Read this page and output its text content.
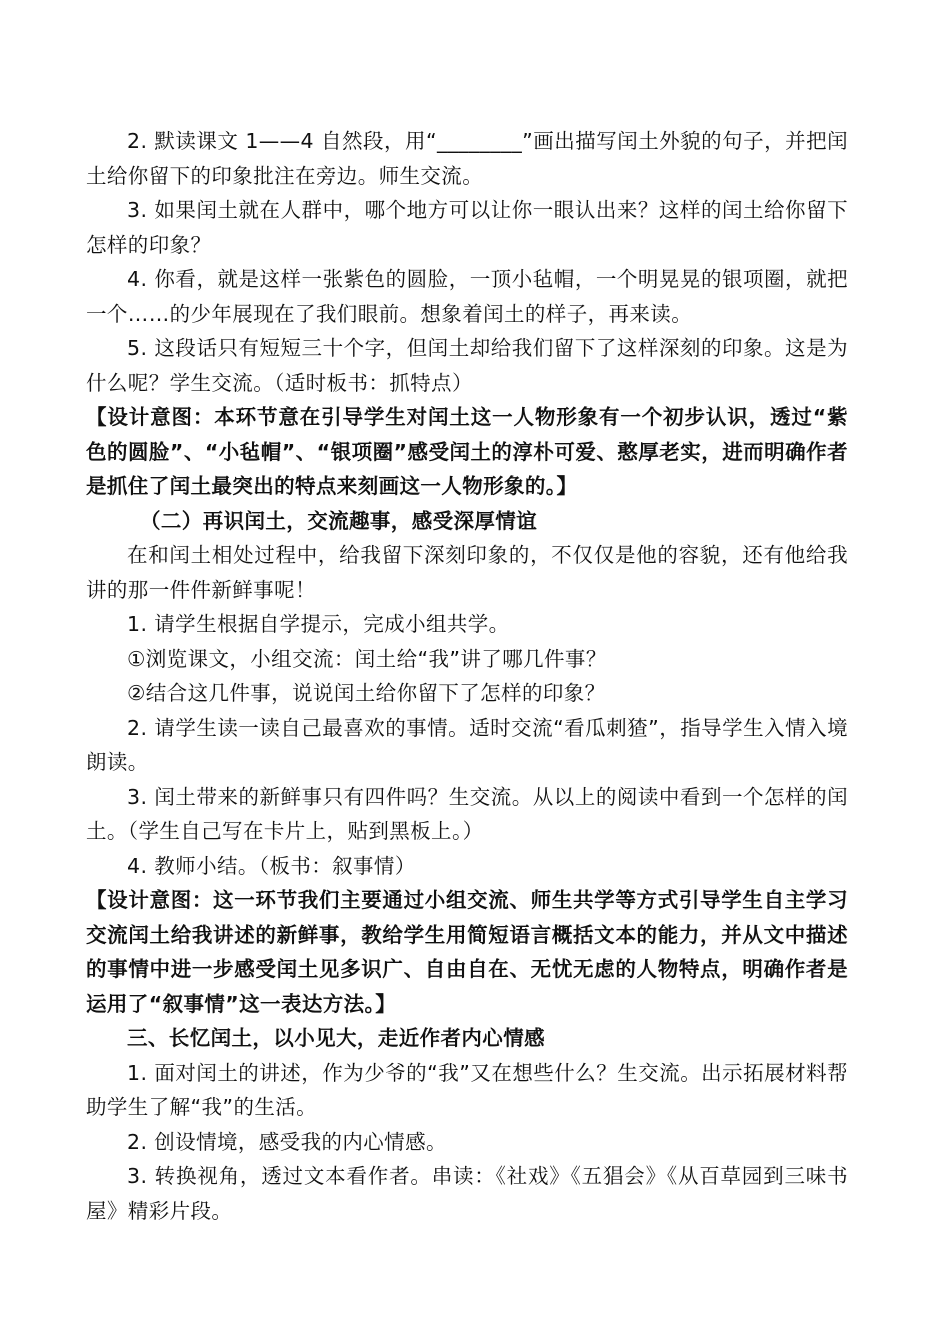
2. 默读课文 1——4 自然段，用“________”画出描写闰土外貌的句子，并把闰土给你留下的印象批注在旁边。师生交流。

3. 如果闰土就在人群中，哪个地方可以让你一眼认出来？这样的闰土给你留下怎样的印象？

4. 你看，就是这样一张紫色的圆脸，一顶小毡帽，一个明晃晃的银项圈，就把一个……的少年展现在了我们眼前。想象着闰土的样子，再来读。

5. 这段话只有短短三十个字，但闰土却给我们留下了这样深刻的印象。这是为什么呢？学生交流。（适时板书：抓特点）

【设计意图：本环节意在引导学生对闰土这一人物形象有一个初步认识，透过“紫色的圆脸”、“小毡帽”、“银项圈”感受闰土的淳朴可爱、憨厚老实，进而明确作者是抓住了闰土最突出的特点来刻画这一人物形象的。】

（二）再识闰土，交流趣事，感受深厚情谊

在和闰土相处过程中，给我留下深刻印象的，不仅仅是他的容貌，还有他给我讲的那一件件新鲜事呢！

1. 请学生根据自学提示，完成小组共学。

①浏览课文，小组交流：闰土给“我”讲了哪几件事？

②结合这几件事，说说闰土给你留下了怎样的印象？

2. 请学生读一读自己最喜欢的事情。适时交流“看瓜刺猹”，指导学生入情入境朗读。

3. 闰土带来的新鲜事只有四件吗？生交流。从以上的阅读中看到一个怎样的闰土。（学生自己写在卡片上，贴到黑板上。）

4. 教师小结。（板书：叙事情）

【设计意图：这一环节我们主要通过小组交流、师生共学等方式引导学生自主学习交流闰土给我讲述的新鲜事，教给学生用简短语言概括文本的能力，并从文中描述的事情中进一步感受闰土见多识广、自由自在、无忧无虑的人物特点，明确作者是运用了“叙事情”这一表达方法。】

三、长忆闰土，以小见大，走近作者内心情感

1. 面对闰土的讲述，作为少爷的“我”又在想些什么？生交流。出示拓展材料帮助学生了解“我”的生活。

2. 创设情境，感受我的内心情感。

3. 转换视角，透过文本看作者。串读：《社戏》《五猖会》《从百草园到三味书屋》精彩片段。
